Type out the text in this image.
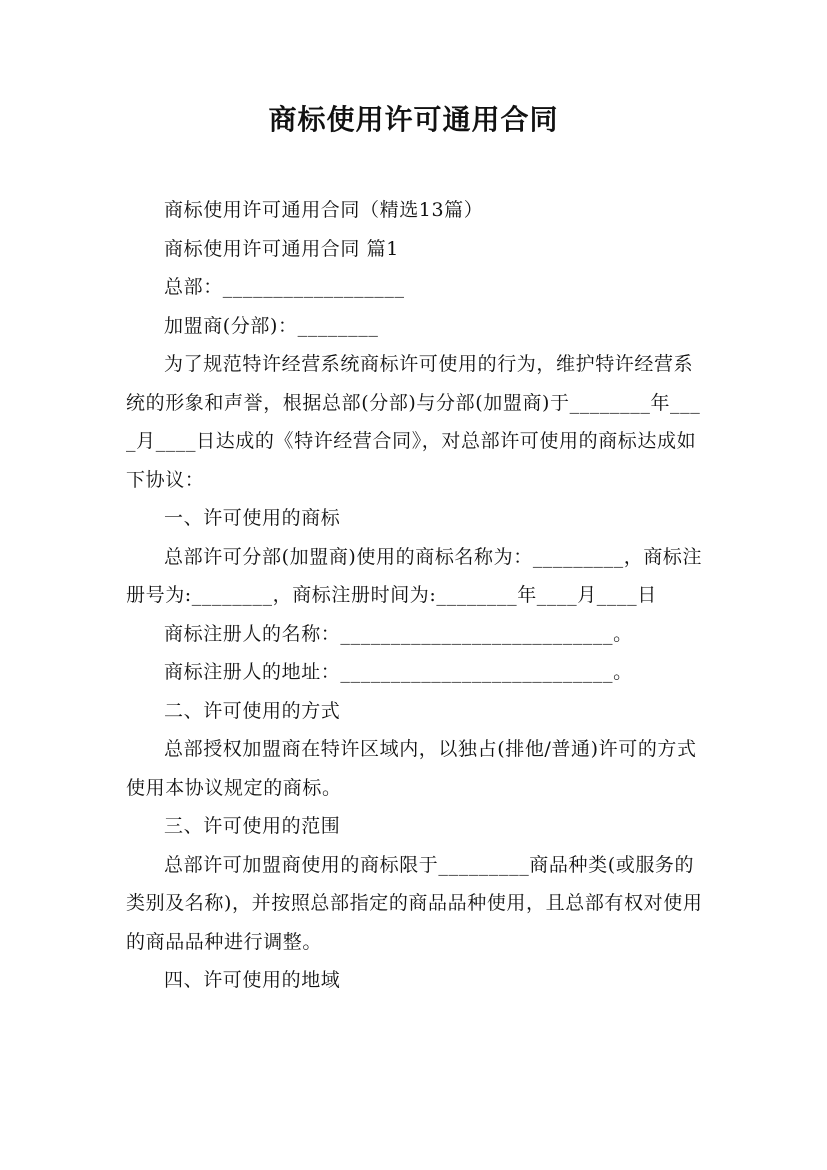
商标使用许可通用合同

商标使用许可通用合同（精选13篇）

商标使用许可通用合同 篇1

总部：__________________

加盟商(分部)：________

为了规范特许经营系统商标许可使用的行为，维护特许经营系统的形象和声誉，根据总部(分部)与分部(加盟商)于________年____月____日达成的《特许经营合同》，对总部许可使用的商标达成如下协议：

一、许可使用的商标

总部许可分部(加盟商)使用的商标名称为：_________，商标注册号为:________，商标注册时间为:________年____月____日

商标注册人的名称：___________________________。

商标注册人的地址：___________________________。

二、许可使用的方式

总部授权加盟商在特许区域内，以独占(排他/普通)许可的方式使用本协议规定的商标。

三、许可使用的范围

总部许可加盟商使用的商标限于_________商品种类(或服务的类别及名称)，并按照总部指定的商品品种使用，且总部有权对使用的商品品种进行调整。

四、许可使用的地域
